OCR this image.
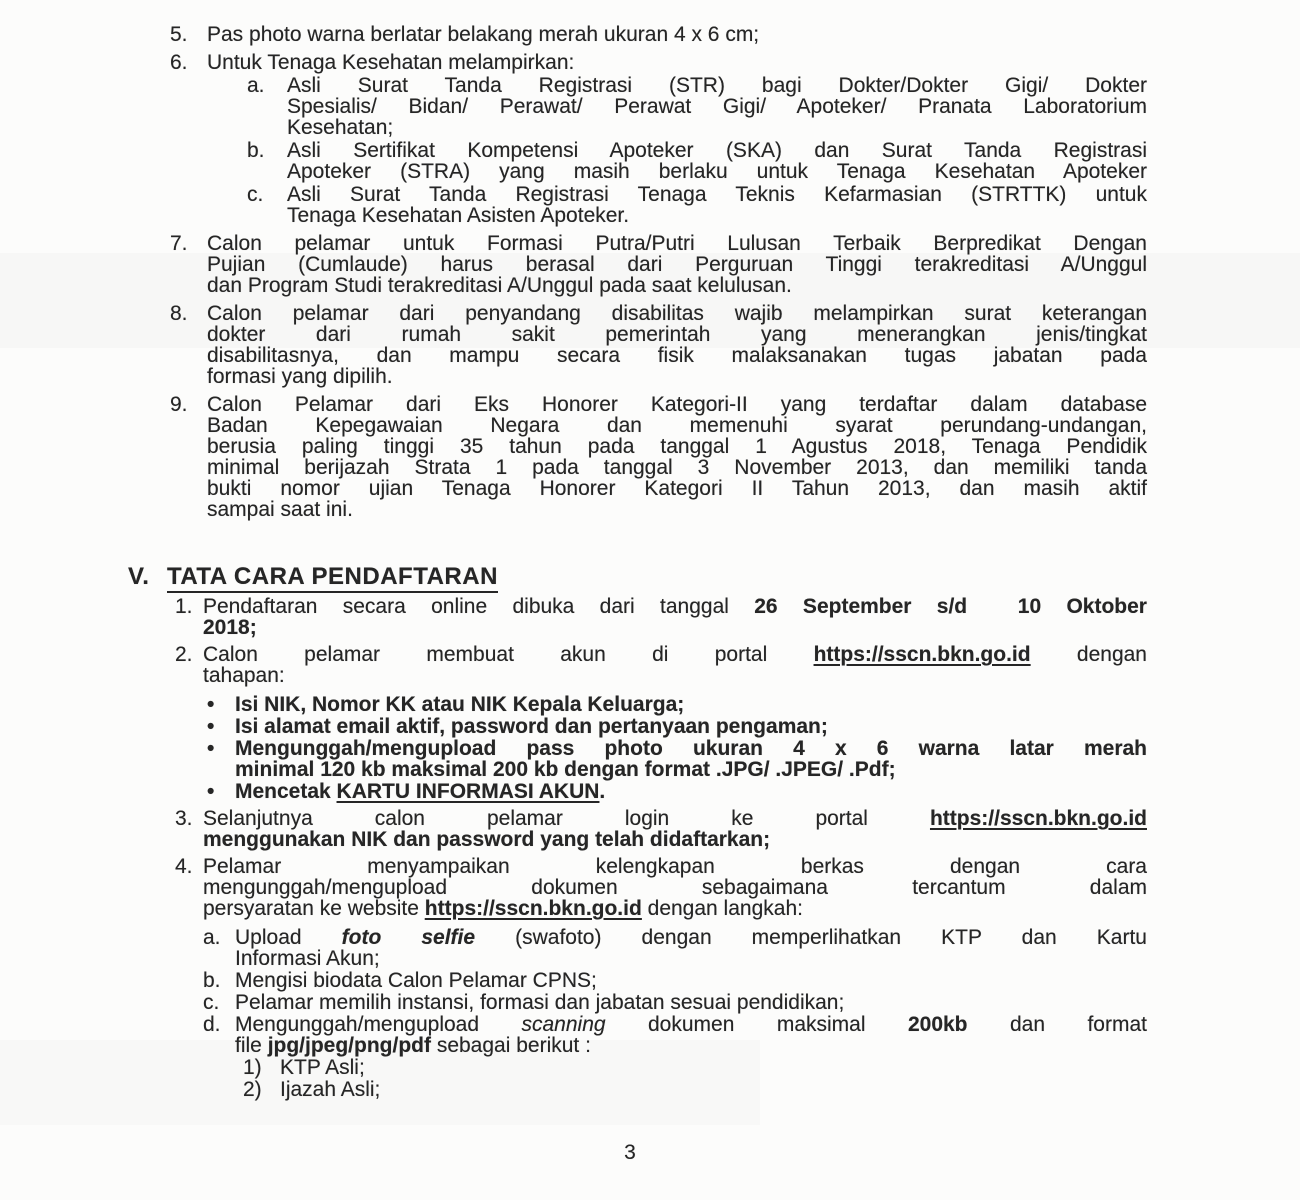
5. Pas photo warna berlatar belakang merah ukuran 4 x 6 cm;
6. Untuk Tenaga Kesehatan melampirkan:
a.	Asli Surat Tanda Registrasi (STR) bagi Dokter/Dokter Gigi/ Dokter
Spesialis/ Bidan/ Perawat/ Perawat Gigi/ Apoteker/ Pranata Laboratorium
Kesehatan;
b.	Asli Sertifikat Kompetensi Apoteker (SKA) dan Surat Tanda Registrasi
Apoteker (STRA) yang masih berlaku untuk Tenaga Kesehatan Apoteker
c.	Asli Surat Tanda Registrasi Tenaga Teknis Kefarmasian (STRTTK) untuk
Tenaga Kesehatan Asisten Apoteker.
7. Calon pelamar untuk Formasi Putra/Putri Lulusan Terbaik Berpredikat Dengan
Pujian (Cumlaude) harus berasal dari Perguruan Tinggi terakreditasi A/Unggul
dan Program Studi terakreditasi A/Unggul pada saat kelulusan.
8. Calon pelamar dari penyandang disabilitas wajib melampirkan surat keterangan
dokter dari rumah sakit pemerintah yang menerangkan jenis/tingkat
disabilitasnya, dan mampu secara fisik malaksanakan tugas jabatan pada
formasi yang dipilih.
9. Calon Pelamar dari Eks Honorer Kategori-II yang terdaftar dalam database
Badan Kepegawaian Negara dan memenuhi syarat perundang-undangan,
berusia paling tinggi 35 tahun pada tanggal 1 Agustus 2018, Tenaga Pendidik
minimal berijazah Strata 1 pada tanggal 3 November 2013, dan memiliki tanda
bukti nomor ujian Tenaga Honorer Kategori II Tahun 2013, dan masih aktif
sampai saat ini.
V. TATA CARA PENDAFTARAN
1. Pendaftaran secara online dibuka dari tanggal 26 September s/d  10 Oktober
2018;
2. Calon pelamar membuat akun di portal https://sscn.bkn.go.id dengan
tahapan:
• Isi NIK, Nomor KK atau NIK Kepala Keluarga;
• Isi alamat email aktif, password dan pertanyaan pengaman;
• Mengunggah/mengupload pass photo ukuran 4 x 6 warna latar merah
minimal 120 kb maksimal 200 kb dengan format .JPG/ .JPEG/ .Pdf;
• Mencetak KARTU INFORMASI AKUN.
3. Selanjutnya calon pelamar login ke portal https://sscn.bkn.go.id
menggunakan NIK dan password yang telah didaftarkan;
4. Pelamar menyampaikan kelengkapan berkas dengan cara
mengunggah/mengupload dokumen sebagaimana tercantum dalam
persyaratan ke website https://sscn.bkn.go.id dengan langkah:
a. Upload foto selfie (swafoto) dengan memperlihatkan KTP dan Kartu
Informasi Akun;
b. Mengisi biodata Calon Pelamar CPNS;
c. Pelamar memilih instansi, formasi dan jabatan sesuai pendidikan;
d. Mengunggah/mengupload scanning dokumen maksimal 200kb dan format
file jpg/jpeg/png/pdf sebagai berikut :
1) KTP Asli;
2) Ijazah Asli;
3
